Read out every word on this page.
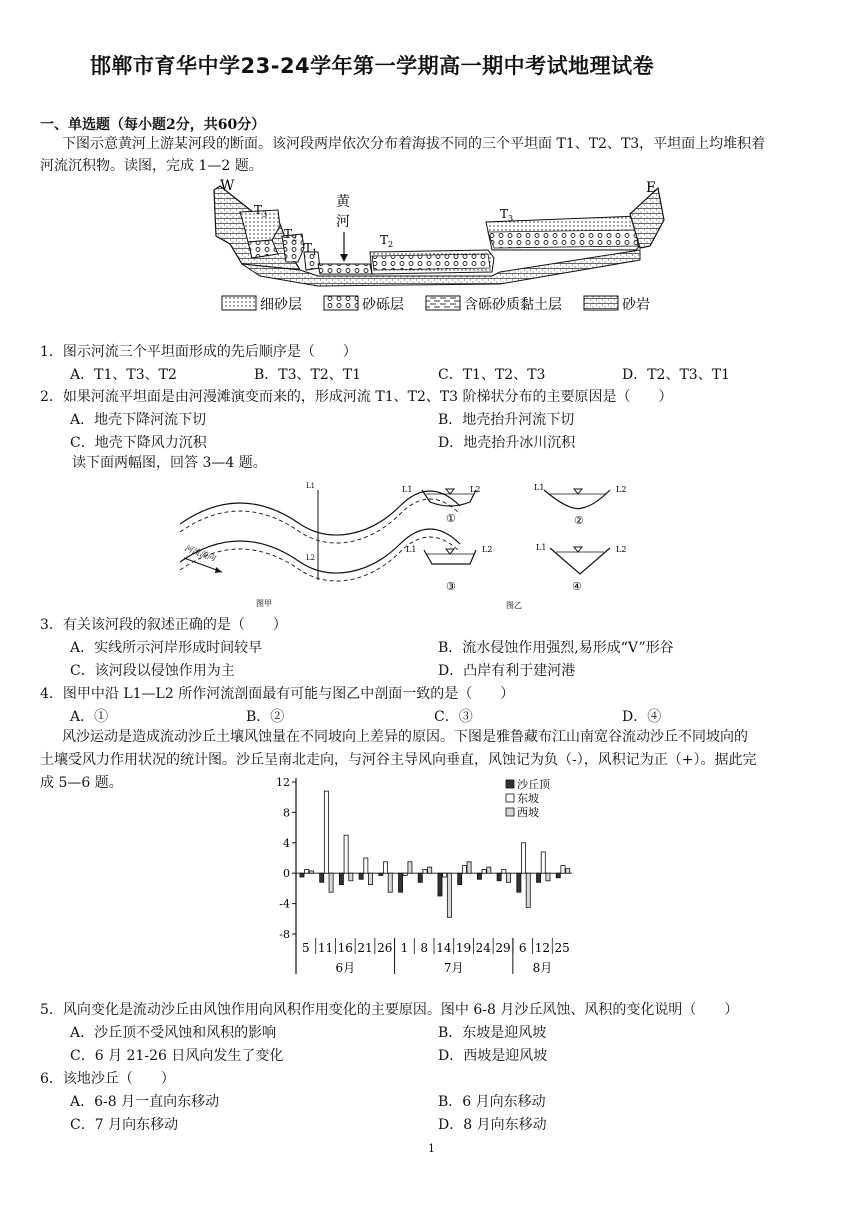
邯郸市育华中学23-24学年第一学期高一期中考试地理试卷
一、单选题（每小题2分，共60分）
下图示意黄河上游某河段的断面。该河段两岸依次分布着海拔不同的三个平坦面 T1、T2、T3，平坦面上均堆积着
河流沉积物。读图，完成 1—2 题。
W	E
T 3
T 2
T 1
T 2
T 3
黄
河
细砂层	砂砾层	含砾砂质黏土层	砂岩
1．图示河流三个平坦面形成的先后顺序是（　　）
A．T1、T3、T2	B．T3、T2、T1	C．T1、T2、T3	D．T2、T3、T1
2．如果河流平坦面是由河漫滩演变而来的，形成河流 T1、T2、T3 阶梯状分布的主要原因是（　　）
A．地壳下降河流下切	B．地壳抬升河流下切
C．地壳下降风力沉积	D．地壳抬升冰川沉积
读下面两幅图，回答 3—4 题。
L1
L2
河流流向
图甲
L1	L2
①
L1	L2
②
L1	L2
③
L1	L2
④
图乙
3．有关该河段的叙述正确的是（　　）
A．实线所示河岸形成时间较早	B．流水侵蚀作用强烈,易形成“V”形谷
C．该河段以侵蚀作用为主	D．凸岸有利于建河港
4．图甲中沿 L1—L2 所作河流剖面最有可能与图乙中剖面一致的是（　　）
A．①	B．②	C．③	D．④
风沙运动是造成流动沙丘土壤风蚀量在不同坡向上差异的原因。下图是雅鲁藏布江山南宽谷流动沙丘不同坡向的
土壤受风力作用状况的统计图。沙丘呈南北走向，与河谷主导风向垂直，风蚀记为负（-），风积记为正（+）。据此完
成 5—6 题。	12
8
4
0
-4
-8
5 11 16 21 26 1 8 14 19 24 29 6 12 25
6月	7月	8月
沙丘顶
东坡
西坡
5．风向变化是流动沙丘由风蚀作用向风积作用变化的主要原因。图中 6-8 月沙丘风蚀、风积的变化说明（　　）
A．沙丘顶不受风蚀和风积的影响	B．东坡是迎风坡
C．6 月 21-26 日风向发生了变化	D．西坡是迎风坡
6．该地沙丘（　　）
A．6-8 月一直向东移动	B．6 月向东移动
C．7 月向东移动	D．8 月向东移动
1
